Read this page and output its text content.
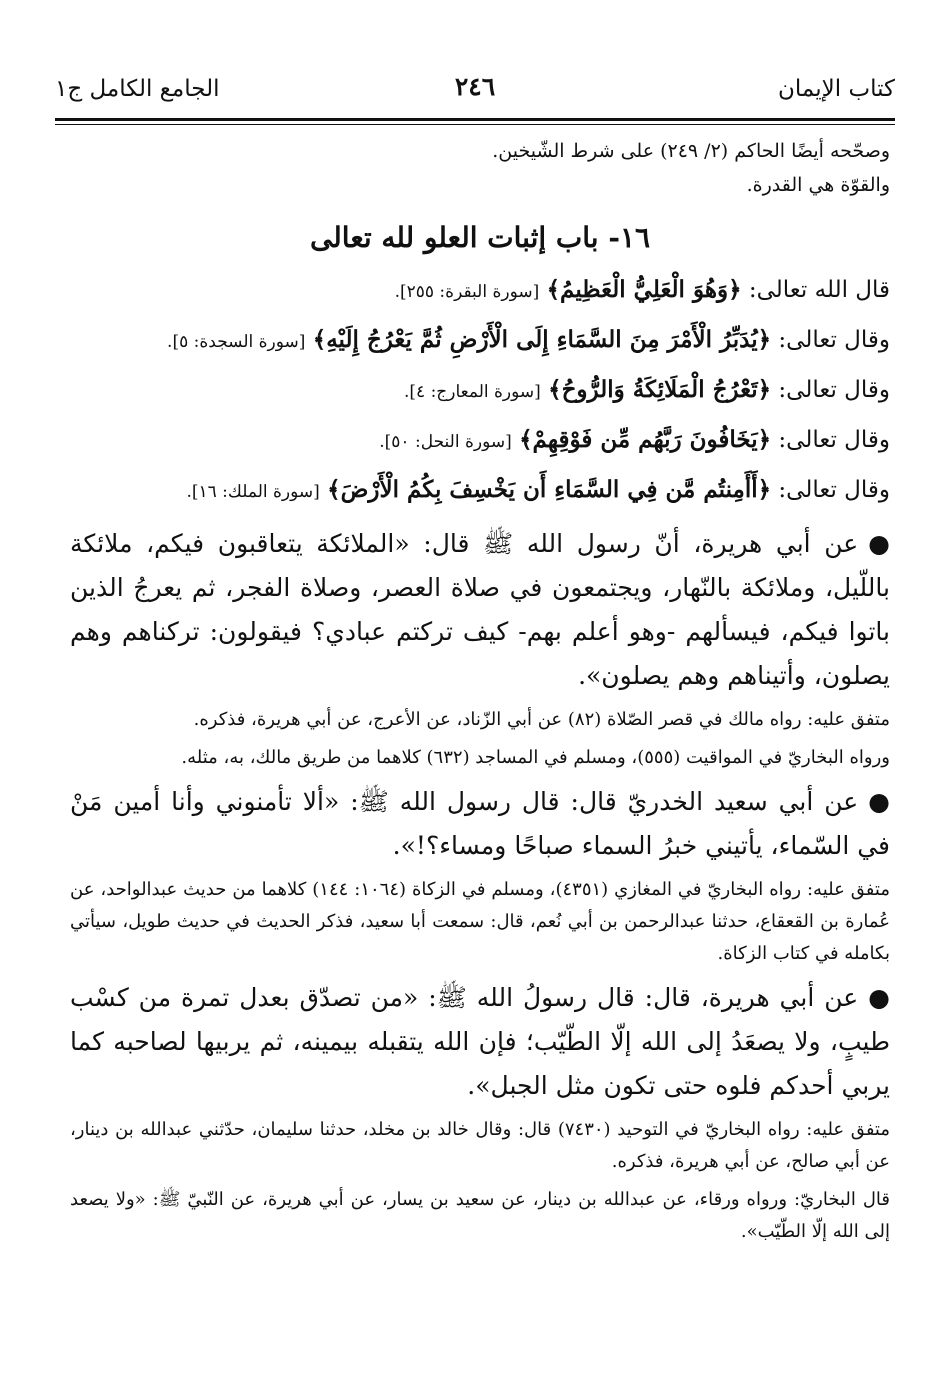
كتاب الإيمان
٢٤٦
الجامع الكامل ج١

وصحّحه أيضًا الحاكم (٢/ ٢٤٩) على شرط الشّيخين.

والقوّة هي القدرة.

١٦- باب إثبات العلو لله تعالى

قال الله تعالى: ﴿وَهُوَ الْعَلِيُّ الْعَظِيمُ﴾ [سورة البقرة: ٢٥٥].

وقال تعالى: ﴿يُدَبِّرُ الْأَمْرَ مِنَ السَّمَاءِ إِلَى الْأَرْضِ ثُمَّ يَعْرُجُ إِلَيْهِ﴾ [سورة السجدة: ٥].

وقال تعالى: ﴿تَعْرُجُ الْمَلَائِكَةُ وَالرُّوحُ﴾ [سورة المعارج: ٤].

وقال تعالى: ﴿يَخَافُونَ رَبَّهُم مِّن فَوْقِهِمْ﴾ [سورة النحل: ٥٠].

وقال تعالى: ﴿أَأَمِنتُم مَّن فِي السَّمَاءِ أَن يَخْسِفَ بِكُمُ الْأَرْضَ﴾ [سورة الملك: ١٦].

●عن أبي هريرة، أنّ رسول الله ﷺ قال: «الملائكة يتعاقبون فيكم، ملائكة باللّيل، وملائكة بالنّهار، ويجتمعون في صلاة العصر، وصلاة الفجر، ثم يعرجُ الذين باتوا فيكم، فيسألهم -وهو أعلم بهم- كيف تركتم عبادي؟ فيقولون: تركناهم وهم يصلون، وأتيناهم وهم يصلون».

متفق عليه: رواه مالك في قصر الصّلاة (٨٢) عن أبي الزّناد، عن الأعرج، عن أبي هريرة، فذكره.

ورواه البخاريّ في المواقيت (٥٥٥)، ومسلم في المساجد (٦٣٢) كلاهما من طريق مالك، به، مثله.

●عن أبي سعيد الخدريّ قال: قال رسول الله ﷺ: «ألا تأمنوني وأنا أمين مَنْ في السّماء، يأتيني خبرُ السماء صباحًا ومساء؟!».

متفق عليه: رواه البخاريّ في المغازي (٤٣٥١)، ومسلم في الزكاة (١٠٦٤: ١٤٤) كلاهما من حديث عبدالواحد، عن عُمارة بن القعقاع، حدثنا عبدالرحمن بن أبي نُعم، قال: سمعت أبا سعيد، فذكر الحديث في حديث طويل، سيأتي بكامله في كتاب الزكاة.

●عن أبي هريرة، قال: قال رسولُ الله ﷺ: «من تصدّق بعدل تمرة من كسْب طيبٍ، ولا يصعَدُ إلى الله إلّا الطّيّب؛ فإن الله يتقبله بيمينه، ثم يربيها لصاحبه كما يربي أحدكم فلوه حتى تكون مثل الجبل».

متفق عليه: رواه البخاريّ في التوحيد (٧٤٣٠) قال: وقال خالد بن مخلد، حدثنا سليمان، حدّثني عبدالله بن دينار، عن أبي صالح، عن أبي هريرة، فذكره.

قال البخاريّ: ورواه ورقاء، عن عبدالله بن دينار، عن سعيد بن يسار، عن أبي هريرة، عن النّبيّ ﷺ: «ولا يصعد إلى الله إلّا الطّيّب».
